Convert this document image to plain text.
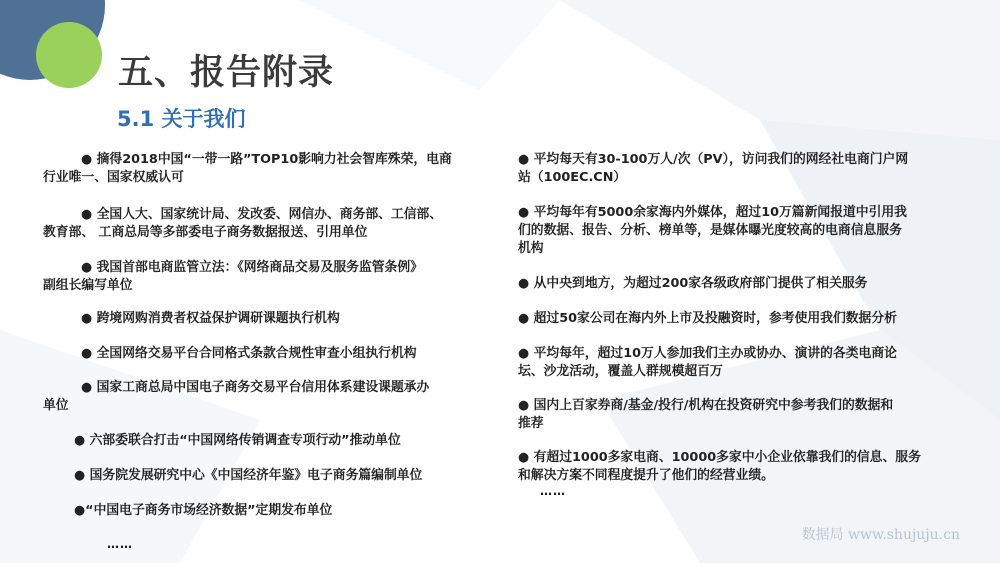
五、报告附录
5.1 关于我们
● 摘得2018中国“一带一路”TOP10影响力社会智库殊荣，电商
行业唯一、国家权威认可
● 全国人大、国家统计局、发改委、网信办、商务部、工信部、
教育部、 工商总局等多部委电子商务数据报送、引用单位
● 我国首部电商监管立法：《网络商品交易及服务监管条例》
副组长编写单位
● 跨境网购消费者权益保护调研课题执行机构
● 全国网络交易平台合同格式条款合规性审查小组执行机构
● 国家工商总局中国电子商务交易平台信用体系建设课题承办
单位
● 六部委联合打击“中国网络传销调查专项行动”推动单位
● 国务院发展研究中心《中国经济年鉴》电子商务篇编制单位
●“中国电子商务市场经济数据”定期发布单位
……
● 平均每天有30-100万人/次（PV），访问我们的网经社电商门户网
站（100EC.CN）
● 平均每年有5000余家海内外媒体，超过10万篇新闻报道中引用我
们的数据、报告、分析、榜单等，是媒体曝光度较高的电商信息服务
机构
● 从中央到地方，为超过200家各级政府部门提供了相关服务
● 超过50家公司在海内外上市及投融资时，参考使用我们数据分析
● 平均每年，超过10万人参加我们主办或协办、演讲的各类电商论
坛、沙龙活动，覆盖人群规模超百万
● 国内上百家券商/基金/投行/机构在投资研究中参考我们的数据和
推荐
● 有超过1000多家电商、10000多家中小企业依靠我们的信息、服务
和解决方案不同程度提升了他们的经营业绩。
……
数据局 www.shujuju.cn
